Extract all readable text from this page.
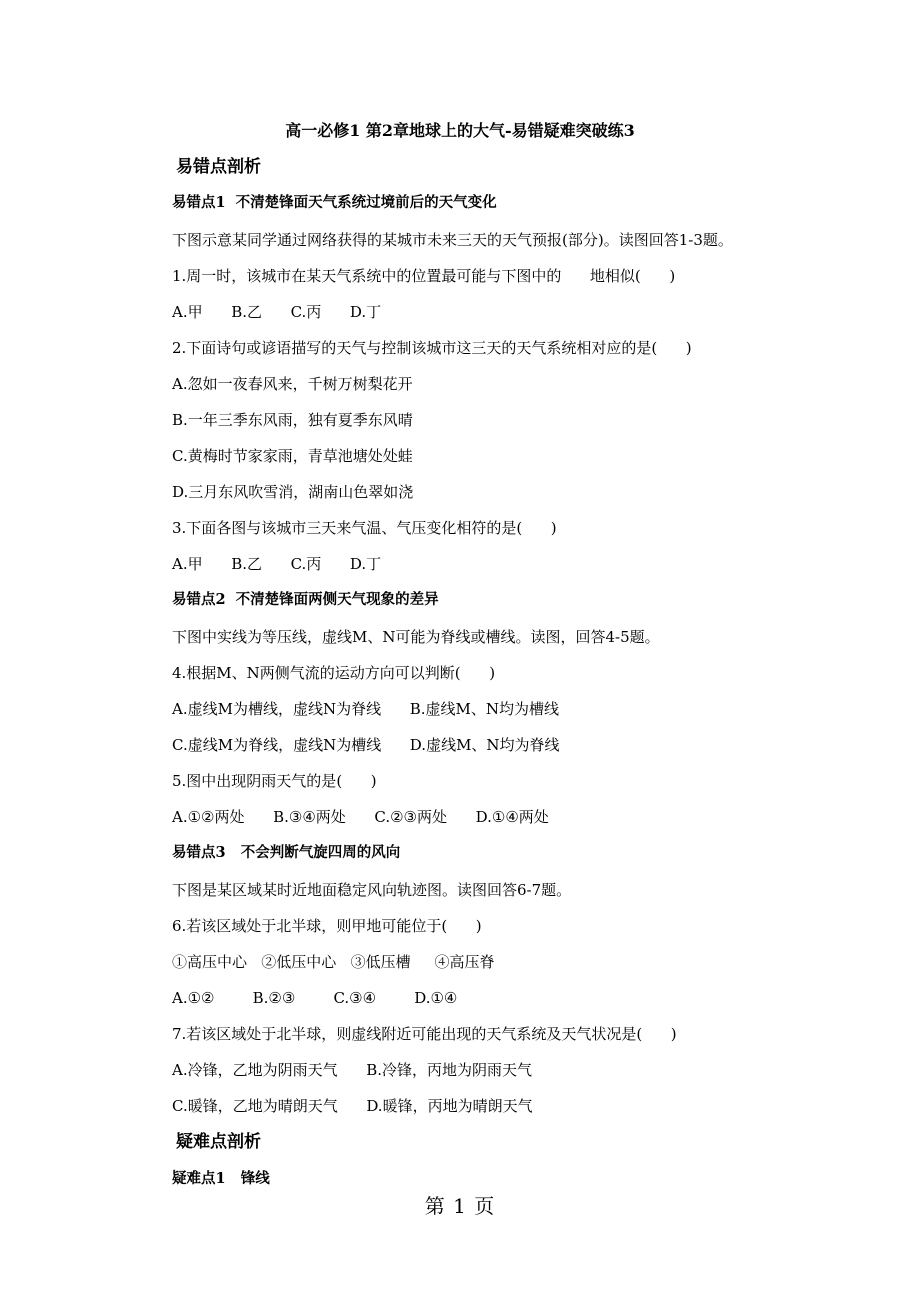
高一必修1 第2章地球上的大气-易错疑难突破练3
易错点剖析
易错点1  不清楚锋面天气系统过境前后的天气变化
下图示意某同学通过网络获得的某城市未来三天的天气预报(部分)。读图回答1-3题。
1.周一时，该城市在某天气系统中的位置最可能与下图中的      地相似(      )
A.甲      B.乙      C.丙      D.丁
2.下面诗句或谚语描写的天气与控制该城市这三天的天气系统相对应的是(      )
A.忽如一夜春风来，千树万树梨花开
B.一年三季东风雨，独有夏季东风晴
C.黄梅时节家家雨，青草池塘处处蛙
D.三月东风吹雪消，湖南山色翠如浇
3.下面各图与该城市三天来气温、气压变化相符的是(      )
A.甲      B.乙      C.丙      D.丁
易错点2  不清楚锋面两侧天气现象的差异
下图中实线为等压线，虚线M、N可能为脊线或槽线。读图，回答4-5题。
4.根据M、N两侧气流的运动方向可以判断(      )
A.虚线M为槽线，虚线N为脊线      B.虚线M、N均为槽线
C.虚线M为脊线，虚线N为槽线      D.虚线M、N均为脊线
5.图中出现阴雨天气的是(      )
A.①②两处      B.③④两处      C.②③两处      D.①④两处
易错点3   不会判断气旋四周的风向
下图是某区域某时近地面稳定风向轨迹图。读图回答6-7题。
6.若该区域处于北半球，则甲地可能位于(      )
①高压中心   ②低压中心   ③低压槽     ④高压脊
A.①②        B.②③        C.③④        D.①④
7.若该区域处于北半球，则虚线附近可能出现的天气系统及天气状况是(      )
A.冷锋，乙地为阴雨天气      B.冷锋，丙地为阴雨天气
C.暖锋，乙地为晴朗天气      D.暖锋，丙地为晴朗天气
疑难点剖析
疑难点1   锋线
第 1 页
